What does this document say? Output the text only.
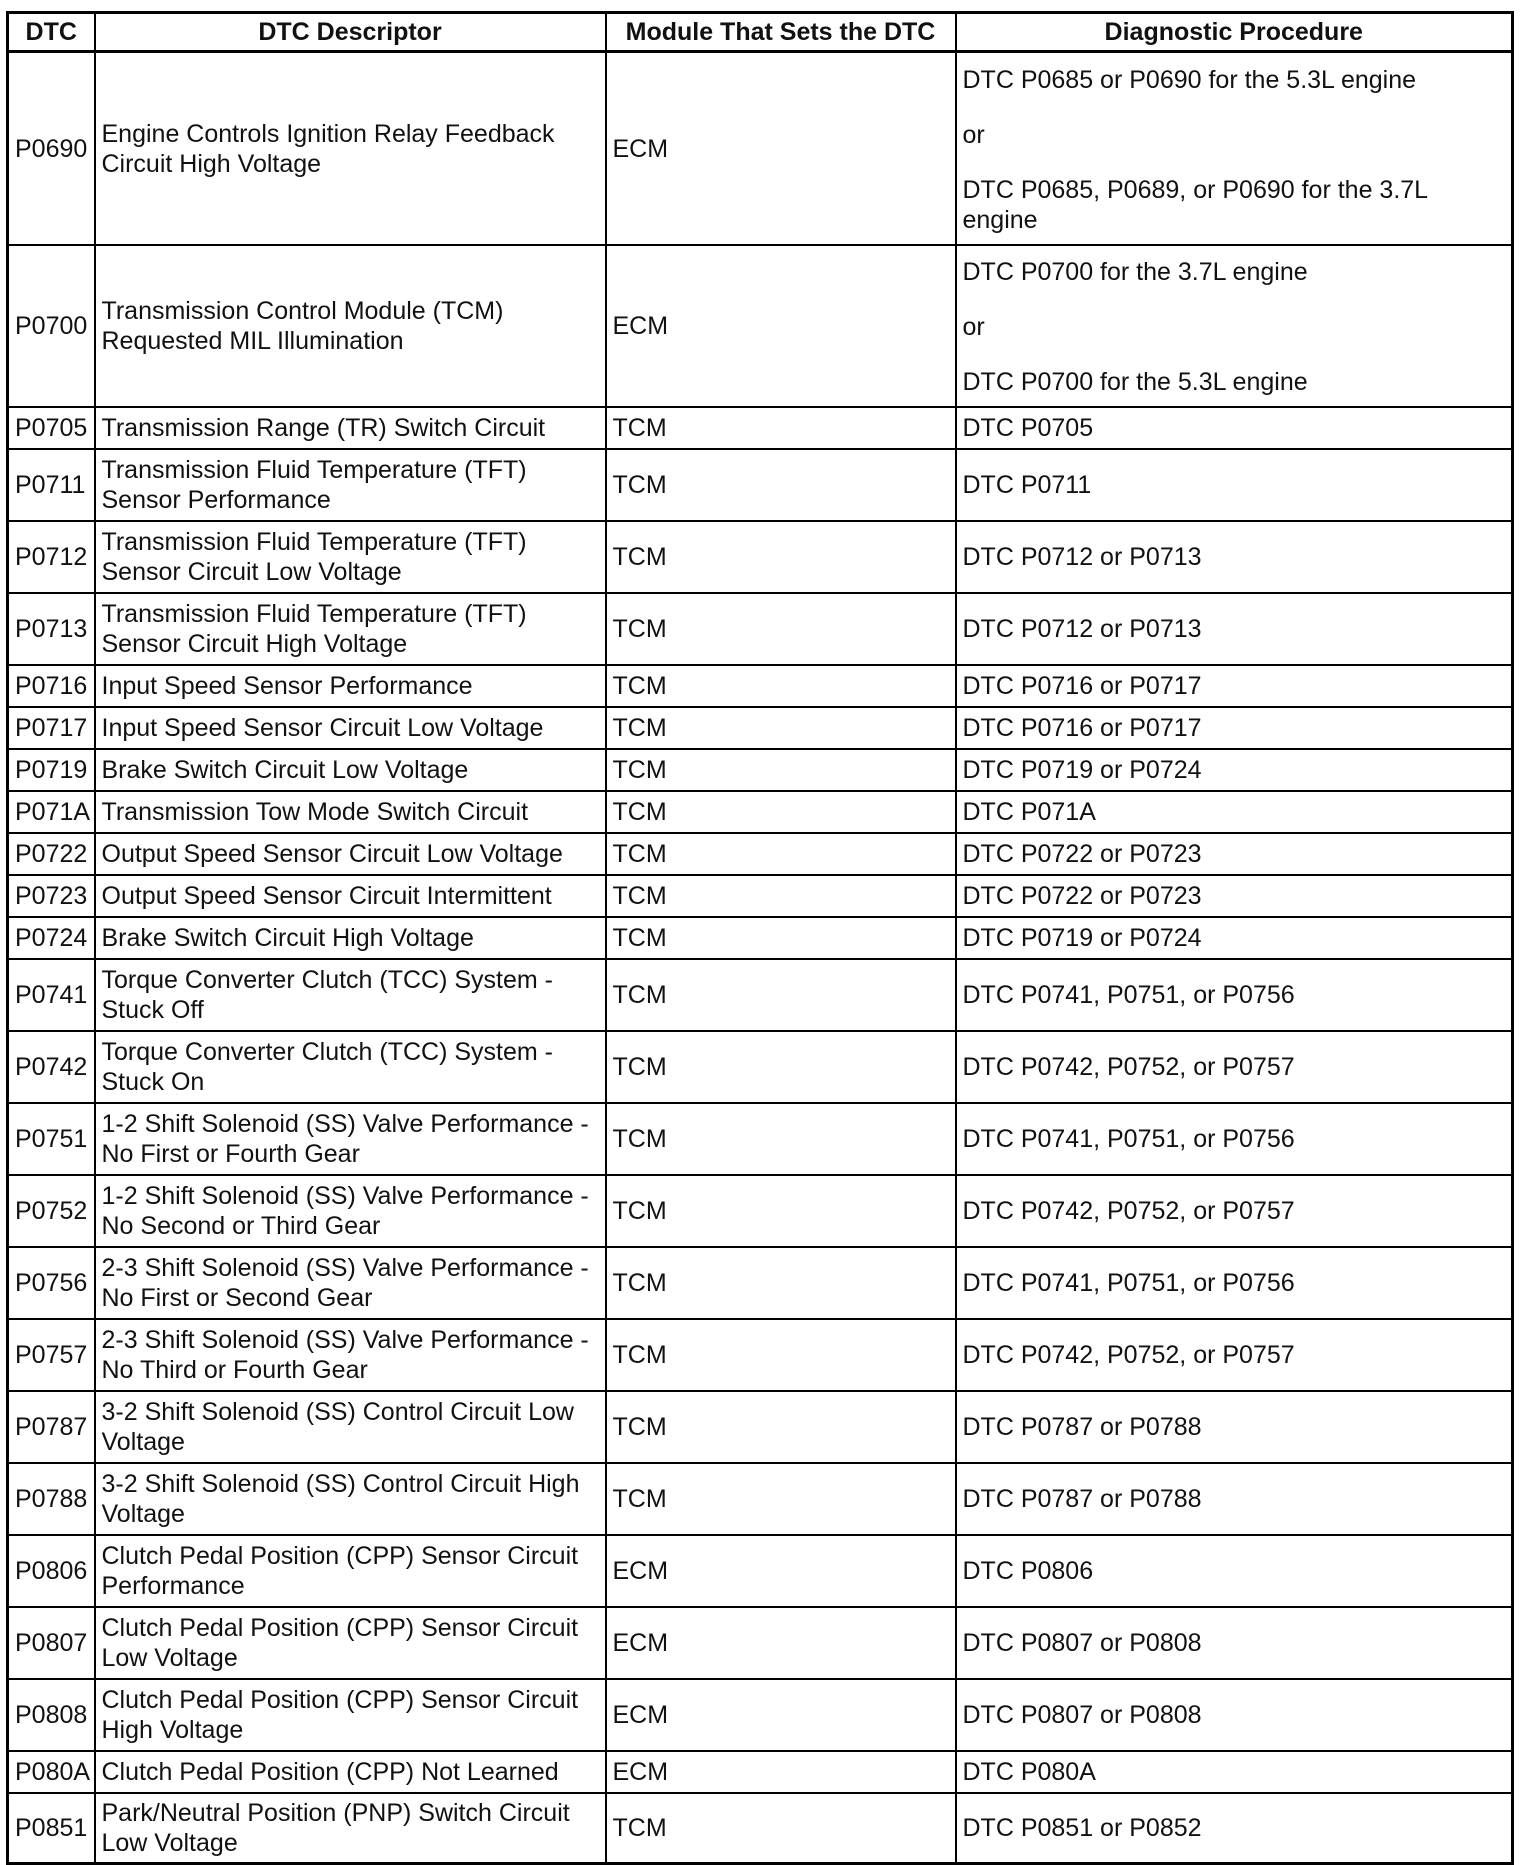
DTC	DTC Descriptor	Module That Sets the DTC	Diagnostic Procedure
P0690	Engine Controls Ignition Relay Feedback Circuit High Voltage	ECM	DTC P0685 or P0690 for the 5.3L engine

or

DTC P0685, P0689, or P0690 for the 3.7L engine

P0700	Transmission Control Module (TCM) Requested MIL Illumination	ECM	DTC P0700 for the 3.7L engine

or

DTC P0700 for the 5.3L engine

P0705	Transmission Range (TR) Switch Circuit	TCM	DTC P0705
P0711	Transmission Fluid Temperature (TFT) Sensor Performance	TCM	DTC P0711
P0712	Transmission Fluid Temperature (TFT) Sensor Circuit Low Voltage	TCM	DTC P0712 or P0713
P0713	Transmission Fluid Temperature (TFT) Sensor Circuit High Voltage	TCM	DTC P0712 or P0713
P0716	Input Speed Sensor Performance	TCM	DTC P0716 or P0717
P0717	Input Speed Sensor Circuit Low Voltage	TCM	DTC P0716 or P0717
P0719	Brake Switch Circuit Low Voltage	TCM	DTC P0719 or P0724
P071A	Transmission Tow Mode Switch Circuit	TCM	DTC P071A
P0722	Output Speed Sensor Circuit Low Voltage	TCM	DTC P0722 or P0723
P0723	Output Speed Sensor Circuit Intermittent	TCM	DTC P0722 or P0723
P0724	Brake Switch Circuit High Voltage	TCM	DTC P0719 or P0724
P0741	Torque Converter Clutch (TCC) System - Stuck Off	TCM	DTC P0741, P0751, or P0756
P0742	Torque Converter Clutch (TCC) System - Stuck On	TCM	DTC P0742, P0752, or P0757
P0751	1-2 Shift Solenoid (SS) Valve Performance - No First or Fourth Gear	TCM	DTC P0741, P0751, or P0756
P0752	1-2 Shift Solenoid (SS) Valve Performance - No Second or Third Gear	TCM	DTC P0742, P0752, or P0757
P0756	2-3 Shift Solenoid (SS) Valve Performance - No First or Second Gear	TCM	DTC P0741, P0751, or P0756
P0757	2-3 Shift Solenoid (SS) Valve Performance - No Third or Fourth Gear	TCM	DTC P0742, P0752, or P0757
P0787	3-2 Shift Solenoid (SS) Control Circuit Low Voltage	TCM	DTC P0787 or P0788
P0788	3-2 Shift Solenoid (SS) Control Circuit High Voltage	TCM	DTC P0787 or P0788
P0806	Clutch Pedal Position (CPP) Sensor Circuit Performance	ECM	DTC P0806
P0807	Clutch Pedal Position (CPP) Sensor Circuit Low Voltage	ECM	DTC P0807 or P0808
P0808	Clutch Pedal Position (CPP) Sensor Circuit High Voltage	ECM	DTC P0807 or P0808
P080A	Clutch Pedal Position (CPP) Not Learned	ECM	DTC P080A
P0851	Park/Neutral Position (PNP) Switch Circuit Low Voltage	TCM	DTC P0851 or P0852
